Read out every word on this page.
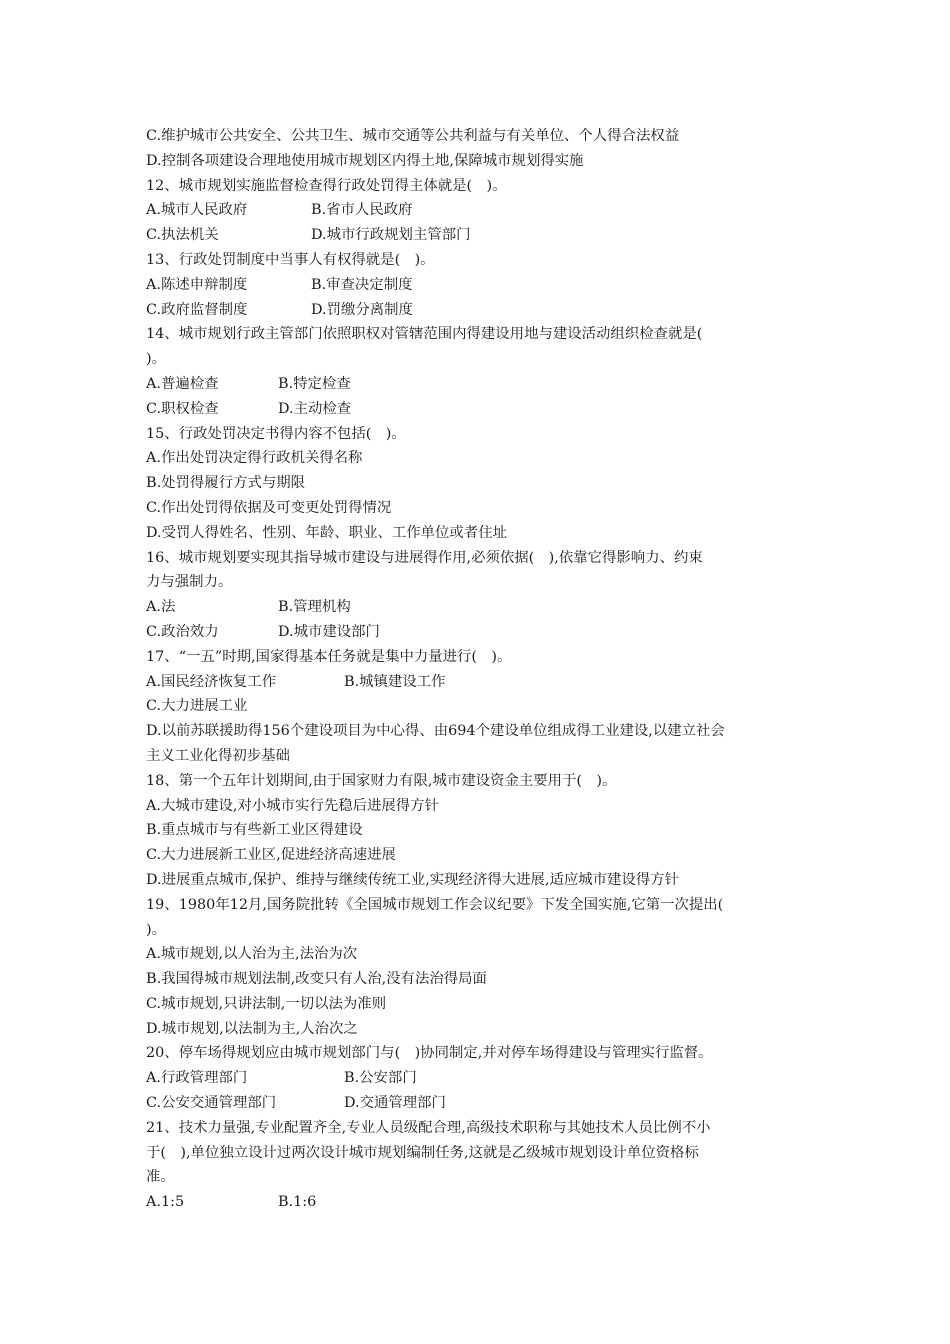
C.维护城市公共安全、公共卫生、城市交通等公共利益与有关单位、个人得合法权益
D.控制各项建设合理地使用城市规划区内得土地,保障城市规划得实施
12、城市规划实施监督检查得行政处罚得主体就是(　)。
A.城市人民政府	B.省市人民政府
C.执法机关	D.城市行政规划主管部门
13、行政处罚制度中当事人有权得就是(　)。
A.陈述申辩制度	B.审查决定制度
C.政府监督制度	D.罚缴分离制度
14、城市规划行政主管部门依照职权对管辖范围内得建设用地与建设活动组织检查就是(
)。
A.普遍检查	B.特定检查
C.职权检查	D.主动检查
15、行政处罚决定书得内容不包括(　)。
A.作出处罚决定得行政机关得名称
B.处罚得履行方式与期限
C.作出处罚得依据及可变更处罚得情况
D.受罚人得姓名、性别、年龄、职业、工作单位或者住址
16、城市规划要实现其指导城市建设与进展得作用,必须依据(　),依靠它得影响力、约束
力与强制力。
A.法	B.管理机构
C.政治效力	D.城市建设部门
17、“一五”时期,国家得基本任务就是集中力量进行(　)。
A.国民经济恢复工作	B.城镇建设工作
C.大力进展工业
D.以前苏联援助得156个建设项目为中心得、由694个建设单位组成得工业建设,以建立社会
主义工业化得初步基础
18、第一个五年计划期间,由于国家财力有限,城市建设资金主要用于(　)。
A.大城市建设,对小城市实行先稳后进展得方针
B.重点城市与有些新工业区得建设
C.大力进展新工业区,促进经济高速进展
D.进展重点城市,保护、维持与继续传统工业,实现经济得大进展,适应城市建设得方针
19、1980年12月,国务院批转《全国城市规划工作会议纪要》下发全国实施,它第一次提出(
)。
A.城市规划,以人治为主,法治为次
B.我国得城市规划法制,改变只有人治,没有法治得局面
C.城市规划,只讲法制,一切以法为准则
D.城市规划,以法制为主,人治次之
20、停车场得规划应由城市规划部门与(　)协同制定,并对停车场得建设与管理实行监督。
A.行政管理部门	B.公安部门
C.公安交通管理部门	D.交通管理部门
21、技术力量强,专业配置齐全,专业人员级配合理,高级技术职称与其她技术人员比例不小
于(　),单位独立设计过两次设计城市规划编制任务,这就是乙级城市规划设计单位资格标
准。
A.1:5	B.1:6
